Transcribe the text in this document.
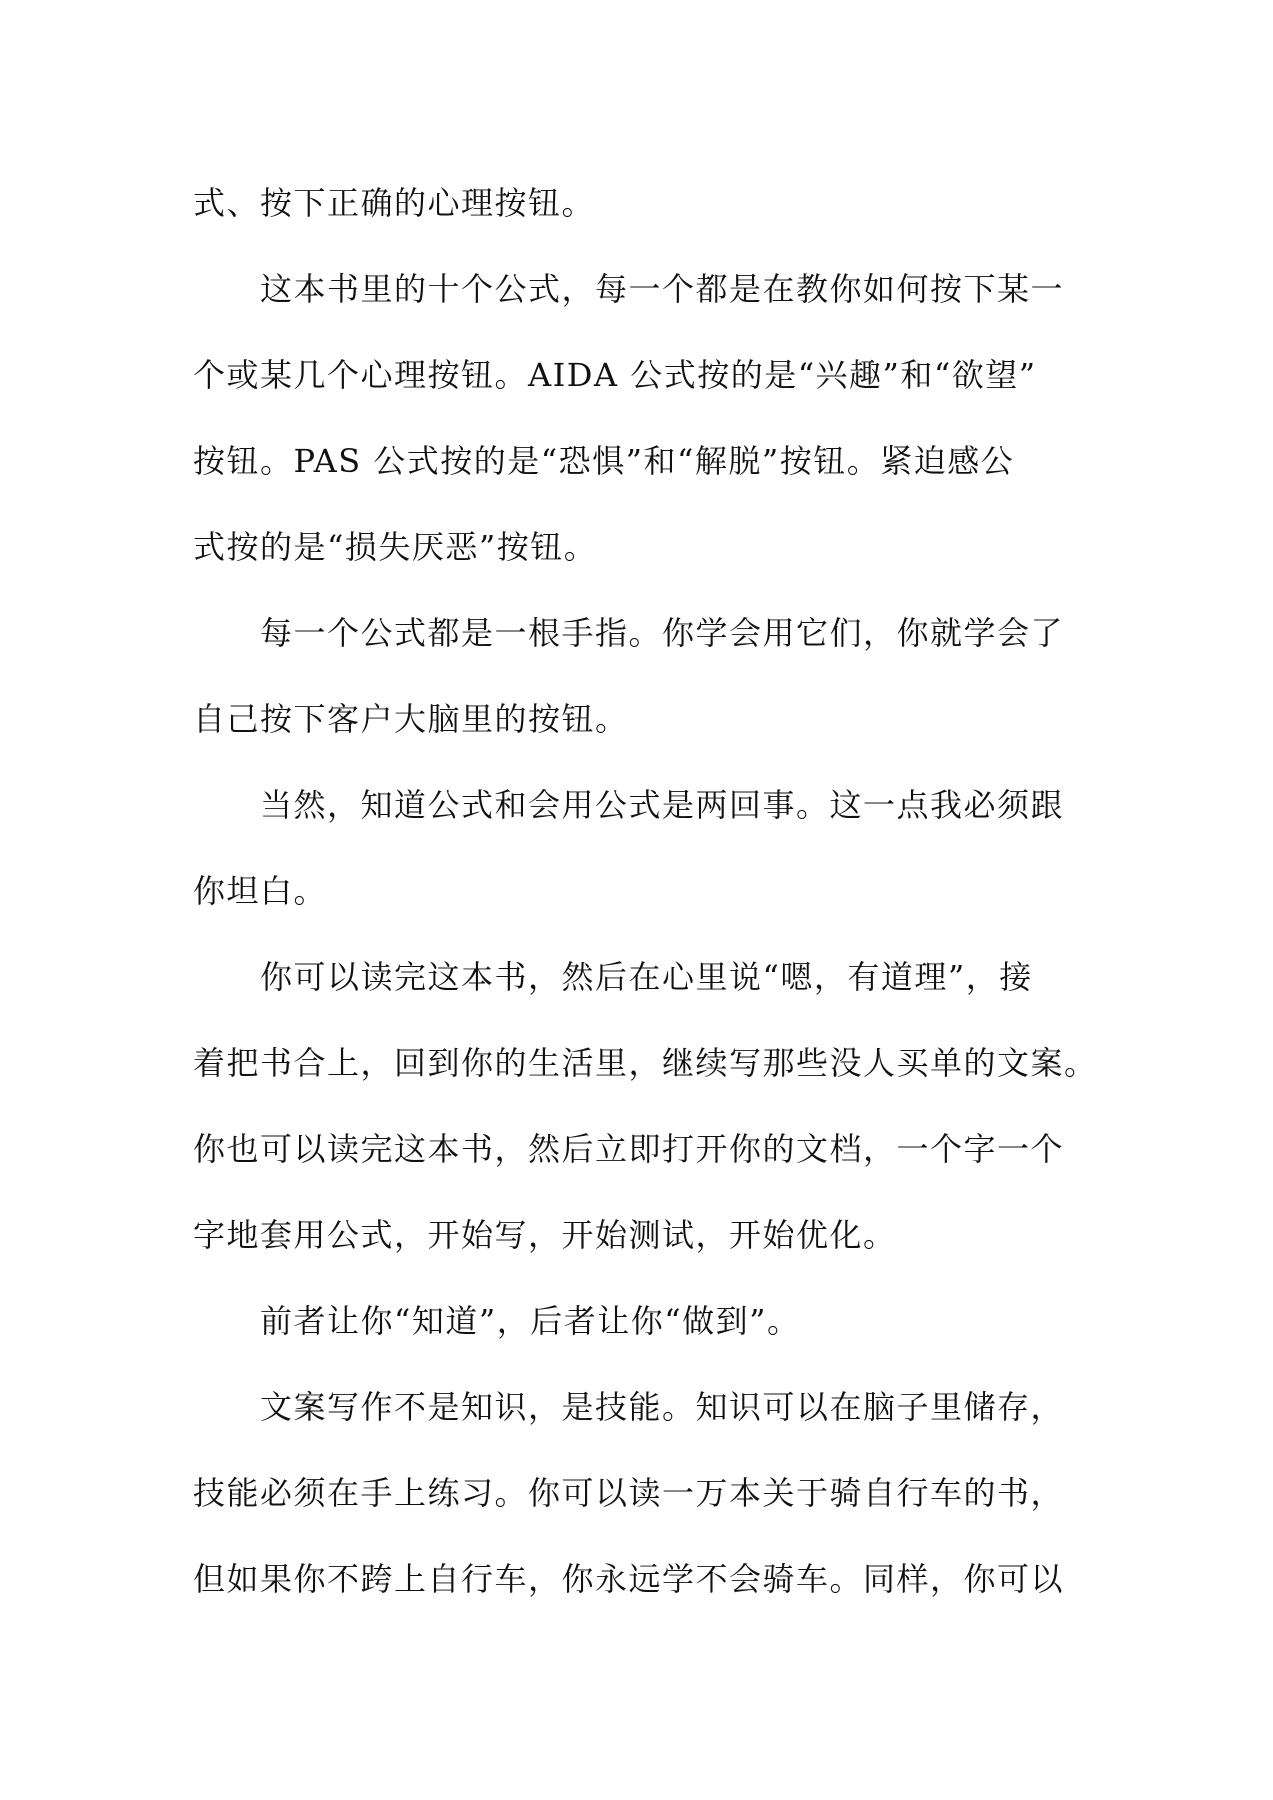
式、按下正确的心理按钮。
　　这本书里的十个公式，每一个都是在教你如何按下某一
个或某几个心理按钮。AIDA 公式按的是“兴趣”和“欲望”
按钮。PAS 公式按的是“恐惧”和“解脱”按钮。紧迫感公
式按的是“损失厌恶”按钮。
　　每一个公式都是一根手指。你学会用它们，你就学会了
自己按下客户大脑里的按钮。
　　当然，知道公式和会用公式是两回事。这一点我必须跟
你坦白。
　　你可以读完这本书，然后在心里说“嗯，有道理”，接
着把书合上，回到你的生活里，继续写那些没人买单的文案。
你也可以读完这本书，然后立即打开你的文档，一个字一个
字地套用公式，开始写，开始测试，开始优化。
　　前者让你“知道”，后者让你“做到”。
　　文案写作不是知识，是技能。知识可以在脑子里储存，
技能必须在手上练习。你可以读一万本关于骑自行车的书，
但如果你不跨上自行车，你永远学不会骑车。同样，你可以
